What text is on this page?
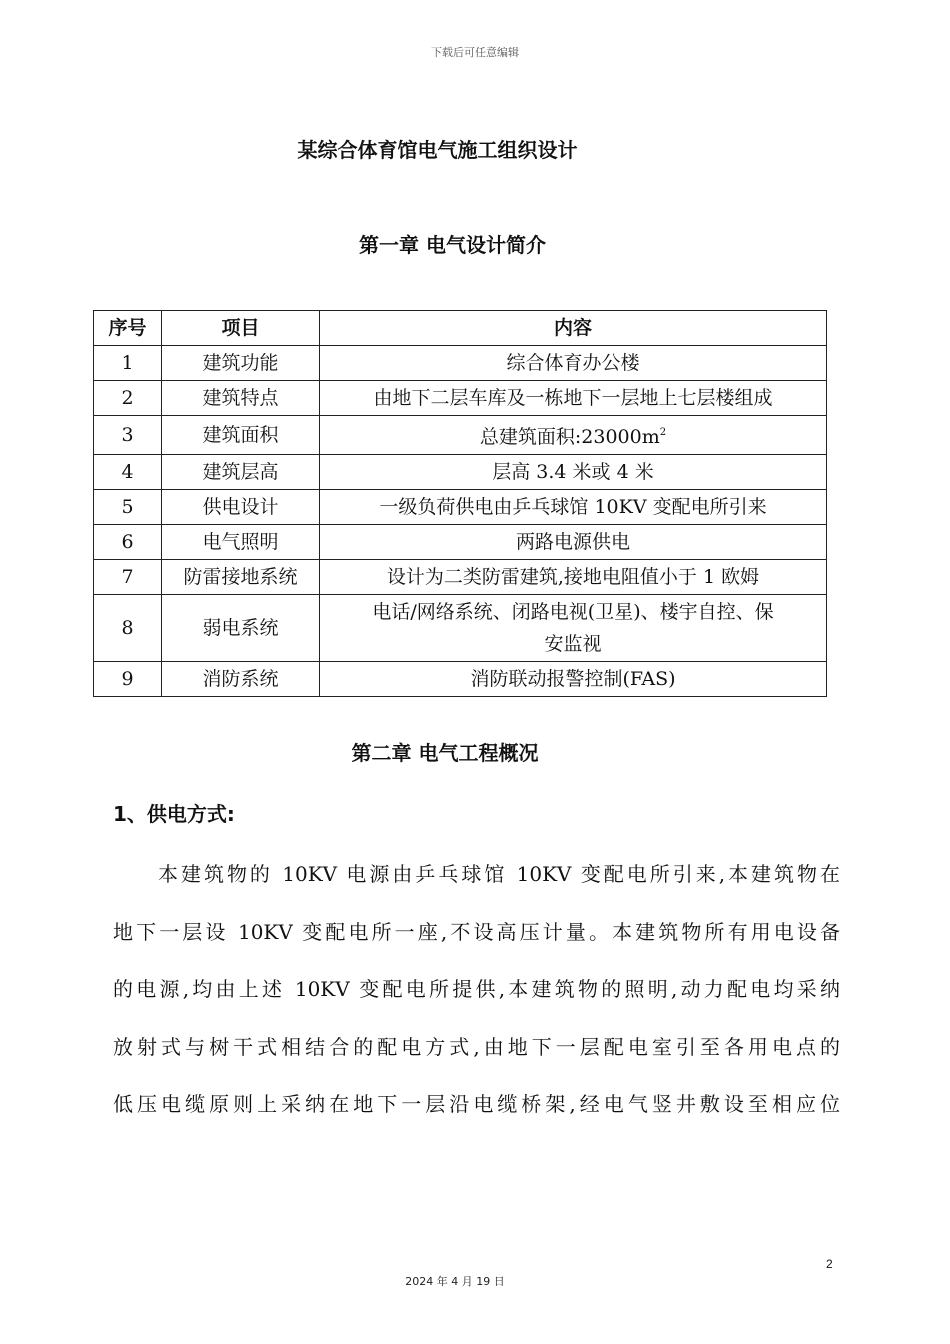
下载后可任意编辑
某综合体育馆电气施工组织设计
第一章 电气设计简介
序号	项目	内容
1	建筑功能	综合体育办公楼
2	建筑特点	由地下二层车库及一栋地下一层地上七层楼组成
3	建筑面积	总建筑面积$:23000m^2$
4	建筑层高	层高 3.4 米或 4 米
5	供电设计	一级负荷供电由乒乓球馆 10KV 变配电所引来
6	电气照明	两路电源供电
7	防雷接地系统	设计为二类防雷建筑,接地电阻值小于 1 欧姆
8	弱电系统	电话/网络系统、闭路电视(卫星)、楼宇自控、保
安监视
9	消防系统	消防联动报警控制(FAS)
第二章 电气工程概况
1、供电方式:
本建筑物的 10KV 电源由乒乓球馆 10KV 变配电所引来,本建筑物在
地下一层设 10KV 变配电所一座,不设高压计量。本建筑物所有用电设备
的电源,均由上述 10KV 变配电所提供,本建筑物的照明,动力配电均采纳
放射式与树干式相结合的配电方式,由地下一层配电室引至各用电点的
低压电缆原则上采纳在地下一层沿电缆桥架,经电气竖井敷设至相应位
2
2024 年 4 月 19 日
